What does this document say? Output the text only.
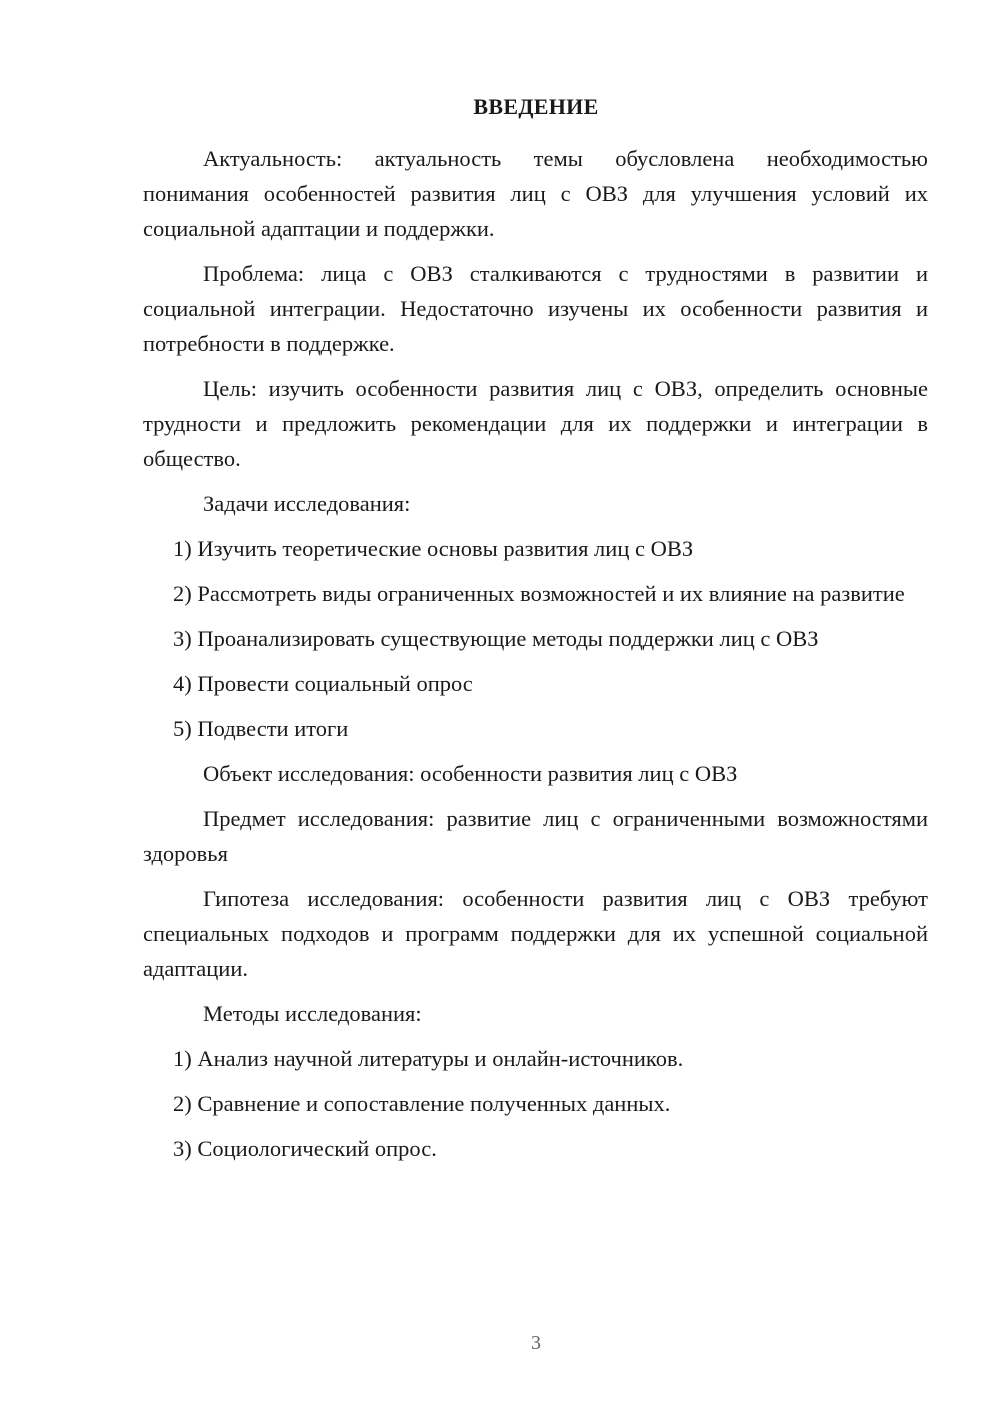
ВВЕДЕНИЕ

Актуальность: актуальность темы обусловлена необходимостью понимания особенностей развития лиц с ОВЗ для улучшения условий их социальной адаптации и поддержки.

Проблема: лица с ОВЗ сталкиваются с трудностями в развитии и социальной интеграции. Недостаточно изучены их особенности развития и потребности в поддержке.

Цель: изучить особенности развития лиц с ОВЗ, определить основные трудности и предложить рекомендации для их поддержки и интеграции в общество.

Задачи исследования:

1) Изучить теоретические основы развития лиц с ОВЗ

2) Рассмотреть виды ограниченных возможностей и их влияние на развитие

3) Проанализировать существующие методы поддержки лиц с ОВЗ

4) Провести социальный опрос

5) Подвести итоги

Объект исследования: особенности развития лиц с ОВЗ

Предмет исследования: развитие лиц с ограниченными возможностями здоровья

Гипотеза исследования: особенности развития лиц с ОВЗ требуют специальных подходов и программ поддержки для их успешной социальной адаптации.

Методы исследования:

1) Анализ научной литературы и онлайн-источников.

2) Сравнение и сопоставление полученных данных.

3) Социологический опрос.

3
